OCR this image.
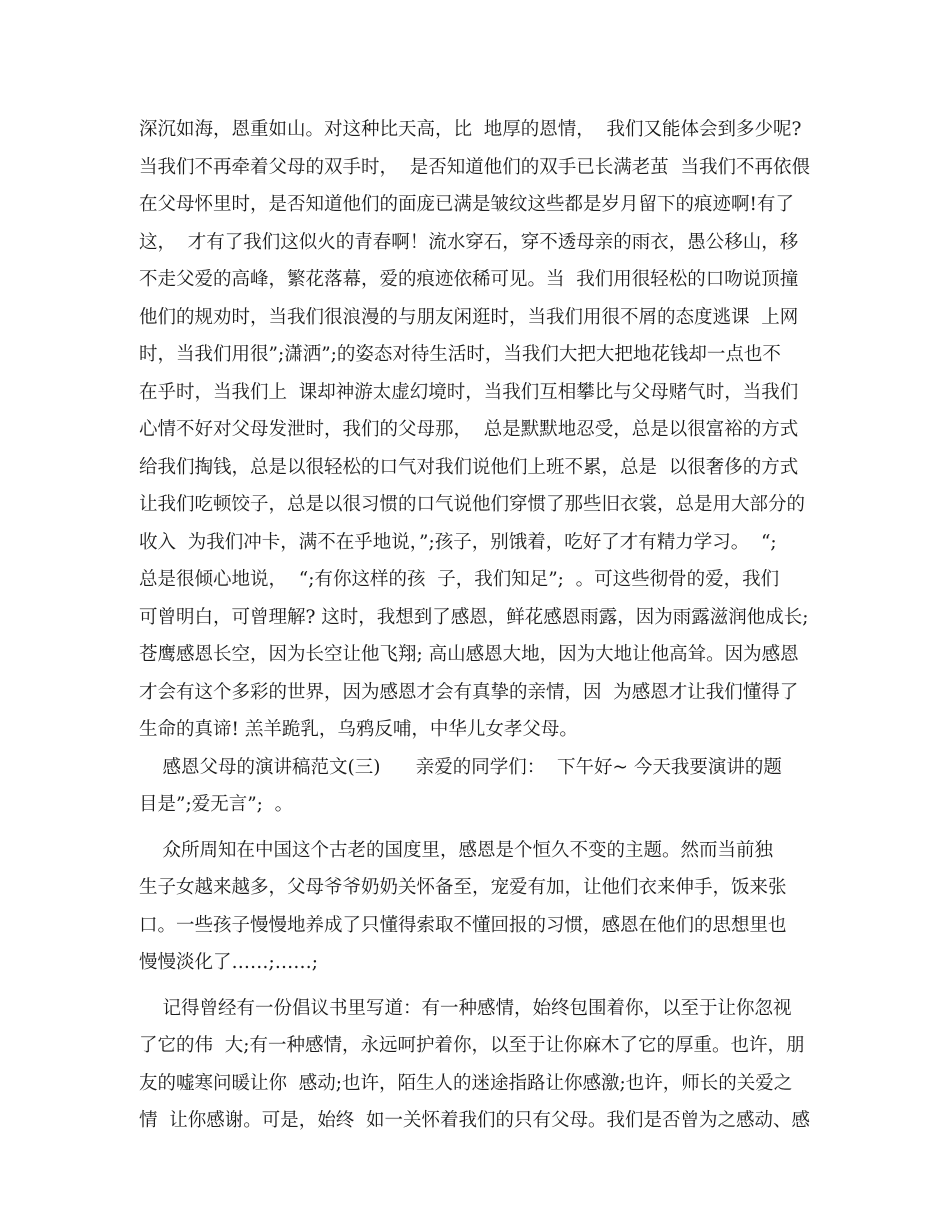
深沉如海，恩重如山。对这种比天高，比  地厚的恩情，  我们又能体会到多少呢?
当我们不再牵着父母的双手时，  是否知道他们的双手已长满老茧  当我们不再依偎
在父母怀里时，是否知道他们的面庞已满是皱纹这些都是岁月留下的痕迹啊!有了
这，  才有了我们这似火的青春啊！流水穿石，穿不透母亲的雨衣，愚公移山，移
不走父爱的高峰，繁花落幕，爱的痕迹依稀可见。当  我们用很轻松的口吻说顶撞
他们的规劝时，当我们很浪漫的与朋友闲逛时，当我们用很不屑的态度逃课  上网
时，当我们用很”;潇洒”;的姿态对待生活时，当我们大把大把地花钱却一点也不
在乎时，当我们上  课却神游太虚幻境时，当我们互相攀比与父母赌气时，当我们
心情不好对父母发泄时，我们的父母那，  总是默默地忍受，总是以很富裕的方式
给我们掏钱，总是以很轻松的口气对我们说他们上班不累，总是  以很奢侈的方式
让我们吃顿饺子，总是以很习惯的口气说他们穿惯了那些旧衣裳，总是用大部分的
收入  为我们冲卡，满不在乎地说，”;孩子，别饿着，吃好了才有精力学习。  “;
总是很倾心地说，  “;有你这样的孩  子，我们知足”;  。可这些彻骨的爱，我们
可曾明白，可曾理解? 这时，我想到了感恩，鲜花感恩雨露，因为雨露滋润他成长;
苍鹰感恩长空，因为长空让他飞翔; 高山感恩大地，因为大地让他高耸。因为感恩
才会有这个多彩的世界，因为感恩才会有真挚的亲情，因  为感恩才让我们懂得了
生命的真谛! 羔羊跪乳，乌鸦反哺，中华儿女孝父母。
感恩父母的演讲稿范文(三)      亲爱的同学们：  下午好~ 今天我要演讲的题
目是”;爱无言”;  。
众所周知在中国这个古老的国度里，感恩是个恒久不变的主题。然而当前独
生子女越来越多，父母爷爷奶奶关怀备至，宠爱有加，让他们衣来伸手，饭来张
口。一些孩子慢慢地养成了只懂得索取不懂回报的习惯，感恩在他们的思想里也
慢慢淡化了……;……;
记得曾经有一份倡议书里写道：有一种感情，始终包围着你，以至于让你忽视
了它的伟  大;有一种感情，永远呵护着你，以至于让你麻木了它的厚重。也许，朋
友的嘘寒问暖让你  感动;也许，陌生人的迷途指路让你感激;也许，师长的关爱之
情  让你感谢。可是，始终  如一关怀着我们的只有父母。我们是否曾为之感动、感
